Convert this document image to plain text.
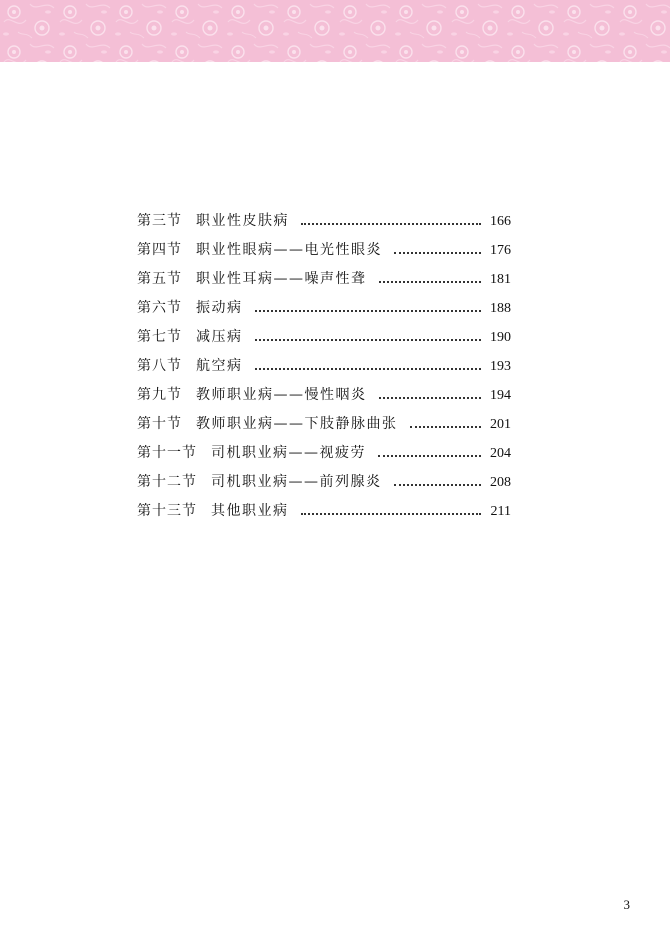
第三节 职业性皮肤病	166
第四节 职业性眼病——电光性眼炎	176
第五节 职业性耳病——噪声性聋	181
第六节 振动病	188
第七节 减压病	190
第八节 航空病	193
第九节 教师职业病——慢性咽炎	194
第十节 教师职业病——下肢静脉曲张	201
第十一节 司机职业病——视疲劳	204
第十二节 司机职业病——前列腺炎	208
第十三节 其他职业病	211
3
